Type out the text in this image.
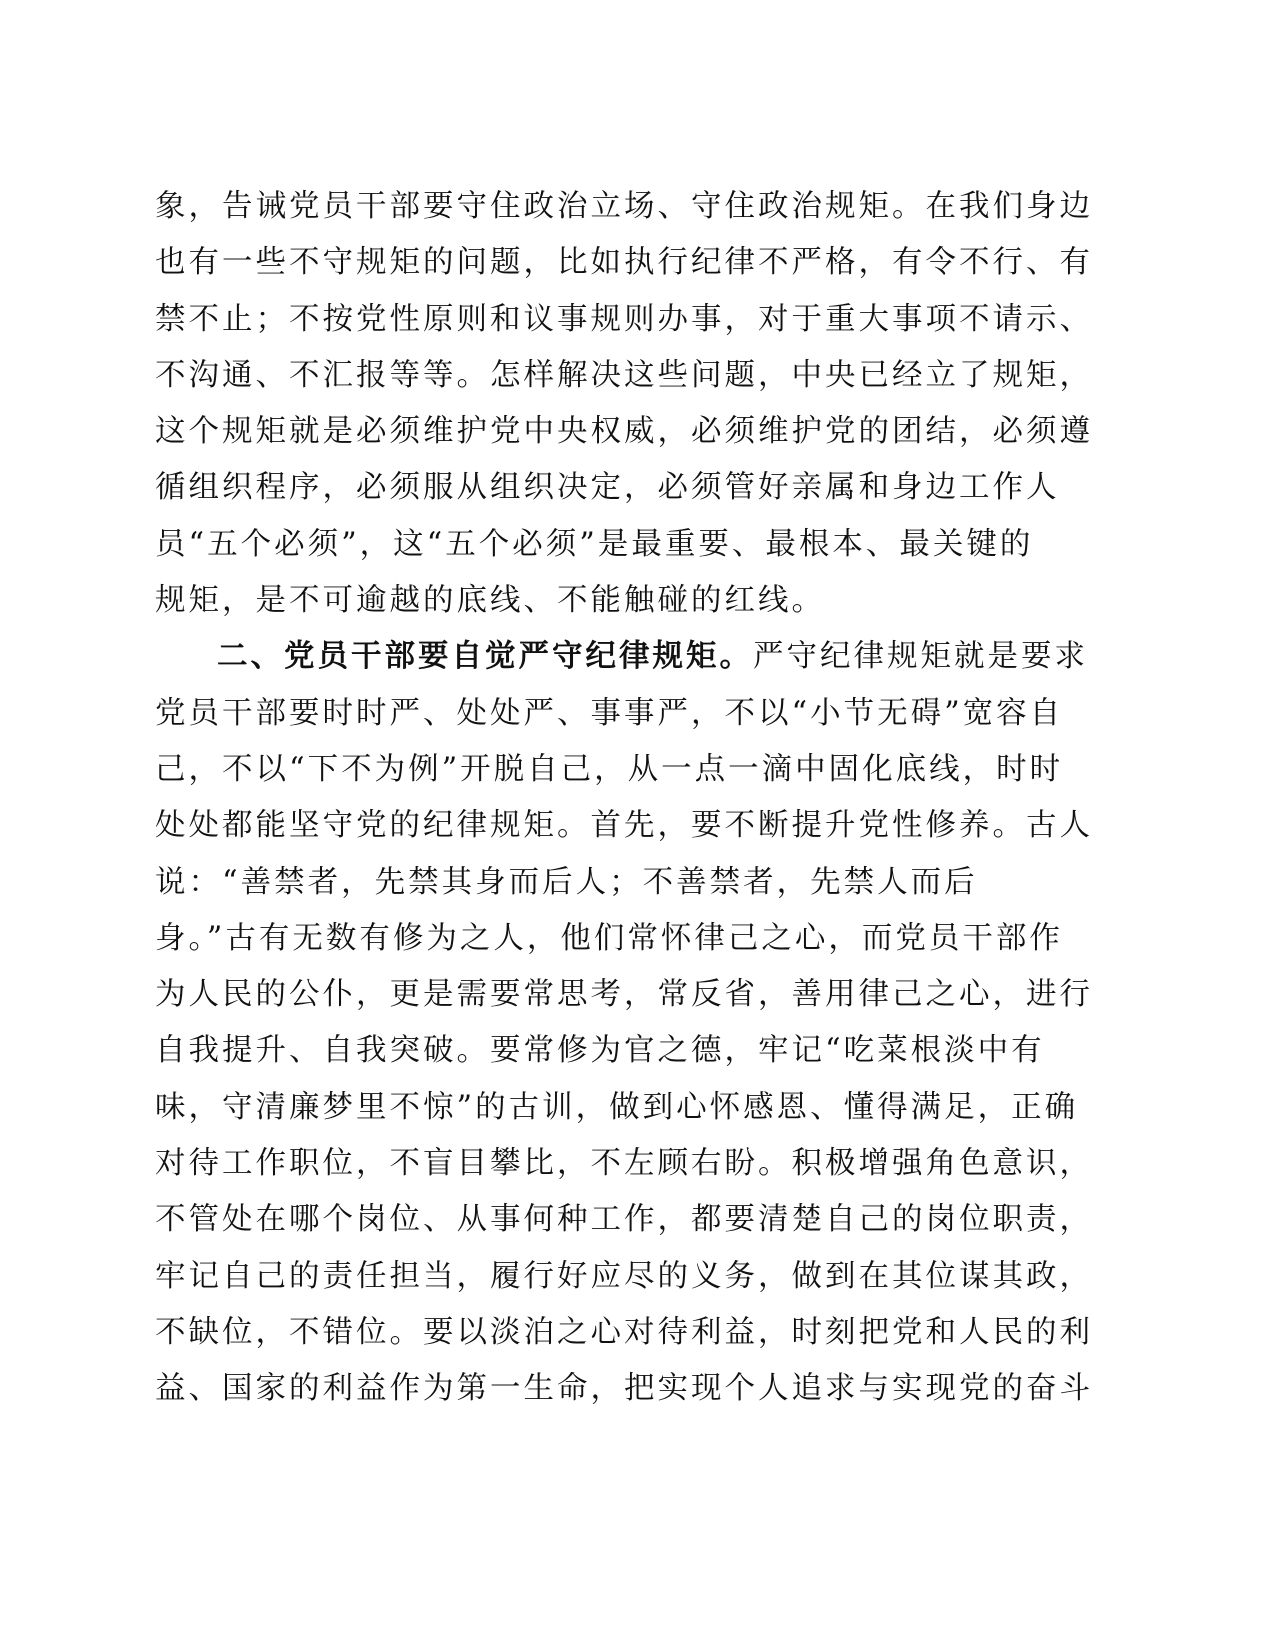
象，告诫党员干部要守住政治立场、守住政治规矩。在我们身边
也有一些不守规矩的问题，比如执行纪律不严格，有令不行、有
禁不止；不按党性原则和议事规则办事，对于重大事项不请示、
不沟通、不汇报等等。怎样解决这些问题，中央已经立了规矩，
这个规矩就是必须维护党中央权威，必须维护党的团结，必须遵
循组织程序，必须服从组织决定，必须管好亲属和身边工作人
员“五个必须”，这“五个必须”是最重要、最根本、最关键的
规矩，是不可逾越的底线、不能触碰的红线。
二、党员干部要自觉严守纪律规矩。严守纪律规矩就是要求
党员干部要时时严、处处严、事事严，不以“小节无碍”宽容自
己，不以“下不为例”开脱自己，从一点一滴中固化底线，时时
处处都能坚守党的纪律规矩。首先，要不断提升党性修养。古人
说：“善禁者，先禁其身而后人；不善禁者，先禁人而后
身。”古有无数有修为之人，他们常怀律己之心，而党员干部作
为人民的公仆，更是需要常思考，常反省，善用律己之心，进行
自我提升、自我突破。要常修为官之德，牢记“吃菜根淡中有
味，守清廉梦里不惊”的古训，做到心怀感恩、懂得满足，正确
对待工作职位，不盲目攀比，不左顾右盼。积极增强角色意识，
不管处在哪个岗位、从事何种工作，都要清楚自己的岗位职责，
牢记自己的责任担当，履行好应尽的义务，做到在其位谋其政，
不缺位，不错位。要以淡泊之心对待利益，时刻把党和人民的利
益、国家的利益作为第一生命，把实现个人追求与实现党的奋斗
